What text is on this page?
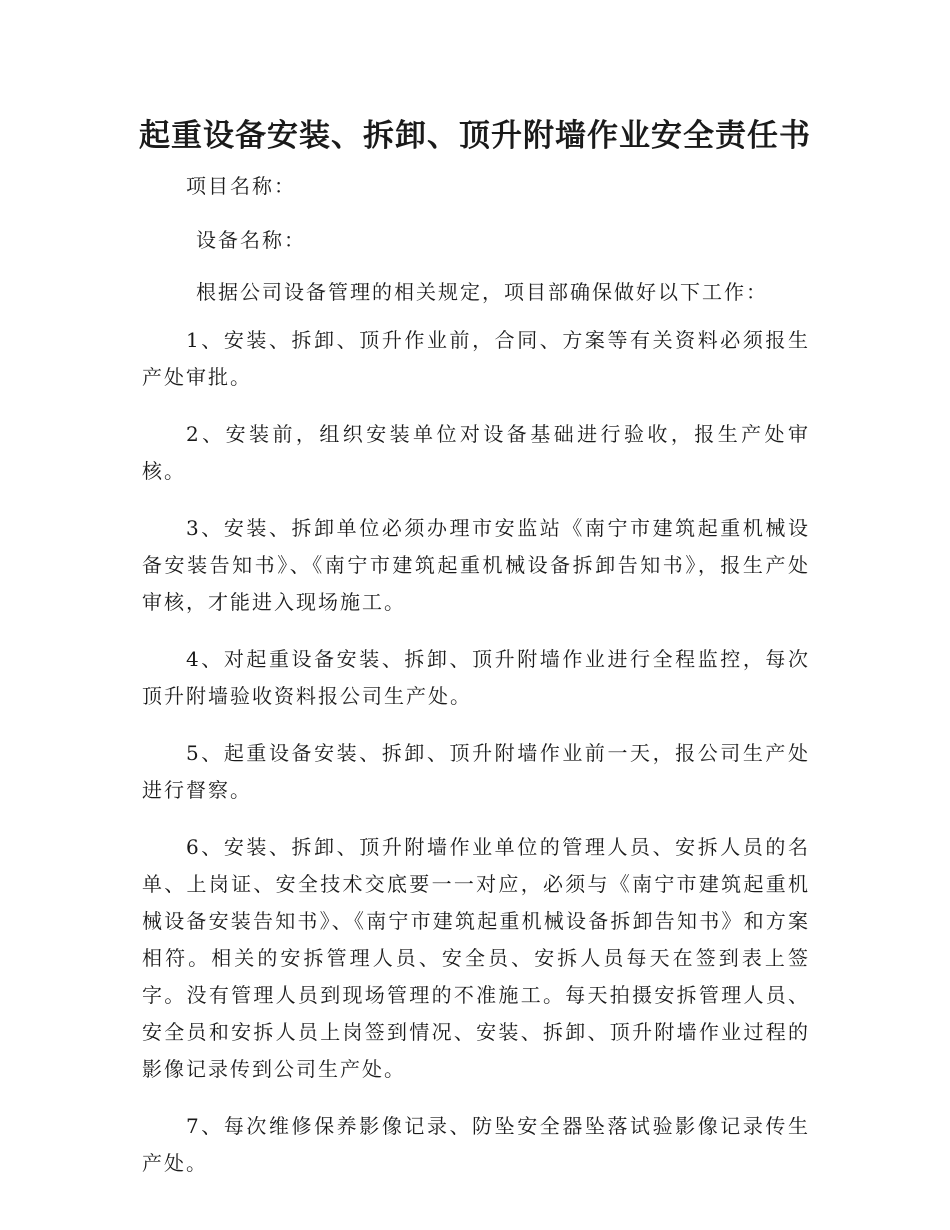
起重设备安装、拆卸、顶升附墙作业安全责任书

项目名称：

设备名称：

根据公司设备管理的相关规定，项目部确保做好以下工作：

1、安装、拆卸、顶升作业前，合同、方案等有关资料必须报生产处审批。

2、安装前，组织安装单位对设备基础进行验收，报生产处审核。

3、安装、拆卸单位必须办理市安监站《南宁市建筑起重机械设备安装告知书》、《南宁市建筑起重机械设备拆卸告知书》，报生产处审核，才能进入现场施工。

4、对起重设备安装、拆卸、顶升附墙作业进行全程监控，每次顶升附墙验收资料报公司生产处。

5、起重设备安装、拆卸、顶升附墙作业前一天，报公司生产处进行督察。

6、安装、拆卸、顶升附墙作业单位的管理人员、安拆人员的名单、上岗证、安全技术交底要一一对应，必须与《南宁市建筑起重机械设备安装告知书》、《南宁市建筑起重机械设备拆卸告知书》和方案相符。相关的安拆管理人员、安全员、安拆人员每天在签到表上签字。没有管理人员到现场管理的不准施工。每天拍摄安拆管理人员、安全员和安拆人员上岗签到情况、安装、拆卸、顶升附墙作业过程的影像记录传到公司生产处。

7、每次维修保养影像记录、防坠安全器坠落试验影像记录传生产处。
